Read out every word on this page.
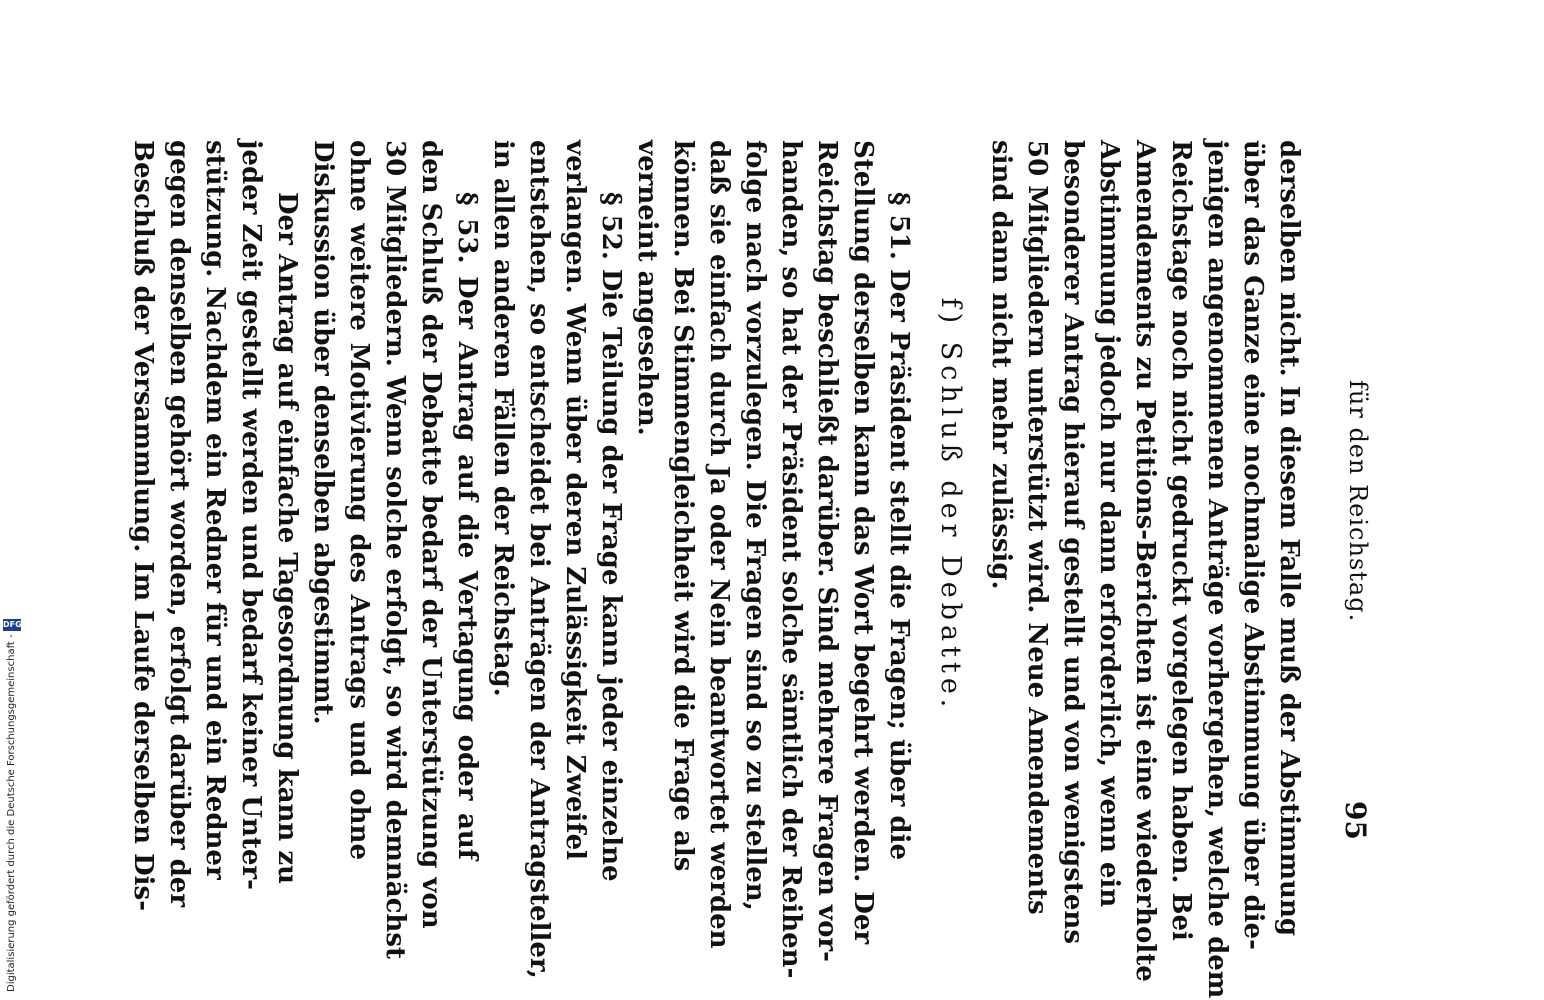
für den Reichstag.
95
derselben nicht. In diesem Falle muß der Abstimmung
über das Ganze eine nochmalige Abstimmung über die-
jenigen angenommenen Anträge vorhergehen, welche dem
Reichstage noch nicht gedruckt vorgelegen haben. Bei
Amendements zu Petitions-Berichten ist eine wiederholte
Abstimmung jedoch nur dann erforderlich, wenn ein
besonderer Antrag hierauf gestellt und von wenigstens
50 Mitgliedern unterstützt wird. Neue Amendements
sind dann nicht mehr zulässig.
f) Schluß der Debatte.
§ 51. Der Präsident stellt die Fragen; über die
Stellung derselben kann das Wort begehrt werden. Der
Reichstag beschließt darüber. Sind mehrere Fragen vor-
handen, so hat der Präsident solche sämtlich der Reihen-
folge nach vorzulegen. Die Fragen sind so zu stellen,
daß sie einfach durch Ja oder Nein beantwortet werden
können. Bei Stimmengleichheit wird die Frage als
verneint angesehen.
§ 52. Die Teilung der Frage kann jeder einzelne
verlangen. Wenn über deren Zulässigkeit Zweifel
entstehen, so entscheidet bei Anträgen der Antragsteller,
in allen anderen Fällen der Reichstag.
§ 53. Der Antrag auf die Vertagung oder auf
den Schluß der Debatte bedarf der Unterstützung von
30 Mitgliedern. Wenn solche erfolgt, so wird demnächst
ohne weitere Motivierung des Antrags und ohne
Diskussion über denselben abgestimmt.
Der Antrag auf einfache Tagesordnung kann zu
jeder Zeit gestellt werden und bedarf keiner Unter-
stützung. Nachdem ein Redner für und ein Redner
gegen denselben gehört worden, erfolgt darüber der
Beschluß der Versammlung. Im Laufe derselben Dis-
Digitalisierung gefördert durch die Deutsche Forschungsgemeinschaft -
DFG
